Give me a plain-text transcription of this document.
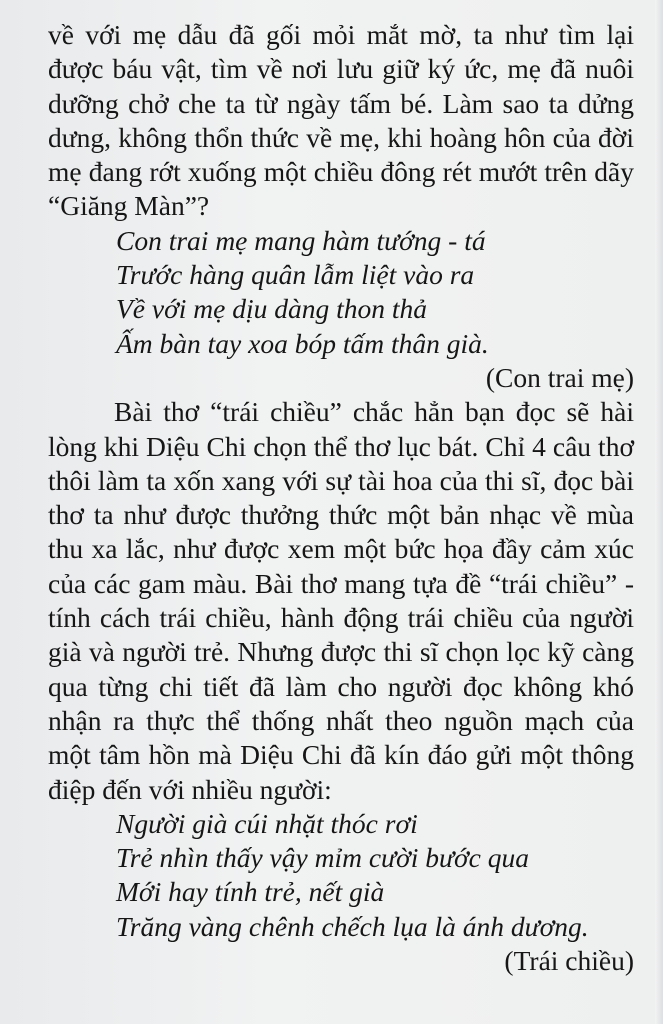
về với mẹ dẫu đã gối mỏi mắt mờ, ta như tìm lại được báu vật, tìm về nơi lưu giữ ký ức, mẹ đã nuôi dưỡng chở che ta từ ngày tấm bé. Làm sao ta dửng dưng, không thổn thức về mẹ, khi hoàng hôn của đời mẹ đang rớt xuống một chiều đông rét mướt trên dãy “Giăng Màn”?

Con trai mẹ mang hàm tướng - tá
Trước hàng quân lẫm liệt vào ra
Về với mẹ dịu dàng thon thả
Ấm bàn tay xoa bóp tấm thân già.

(Con trai mẹ)

Bài thơ “trái chiều” chắc hẳn bạn đọc sẽ hài lòng khi Diệu Chi chọn thể thơ lục bát. Chỉ 4 câu thơ thôi làm ta xốn xang với sự tài hoa của thi sĩ, đọc bài thơ ta như được thưởng thức một bản nhạc về mùa thu xa lắc, như được xem một bức họa đầy cảm xúc của các gam màu. Bài thơ mang tựa đề “trái chiều” - tính cách trái chiều, hành động trái chiều của người già và người trẻ. Nhưng được thi sĩ chọn lọc kỹ càng qua từng chi tiết đã làm cho người đọc không khó nhận ra thực thể thống nhất theo nguồn mạch của một tâm hồn mà Diệu Chi đã kín đáo gửi một thông điệp đến với nhiều người:

Người già cúi nhặt thóc rơi
Trẻ nhìn thấy vậy mỉm cười bước qua
Mới hay tính trẻ, nết già
Trăng vàng chênh chếch lụa là ánh dương.

(Trái chiều)
